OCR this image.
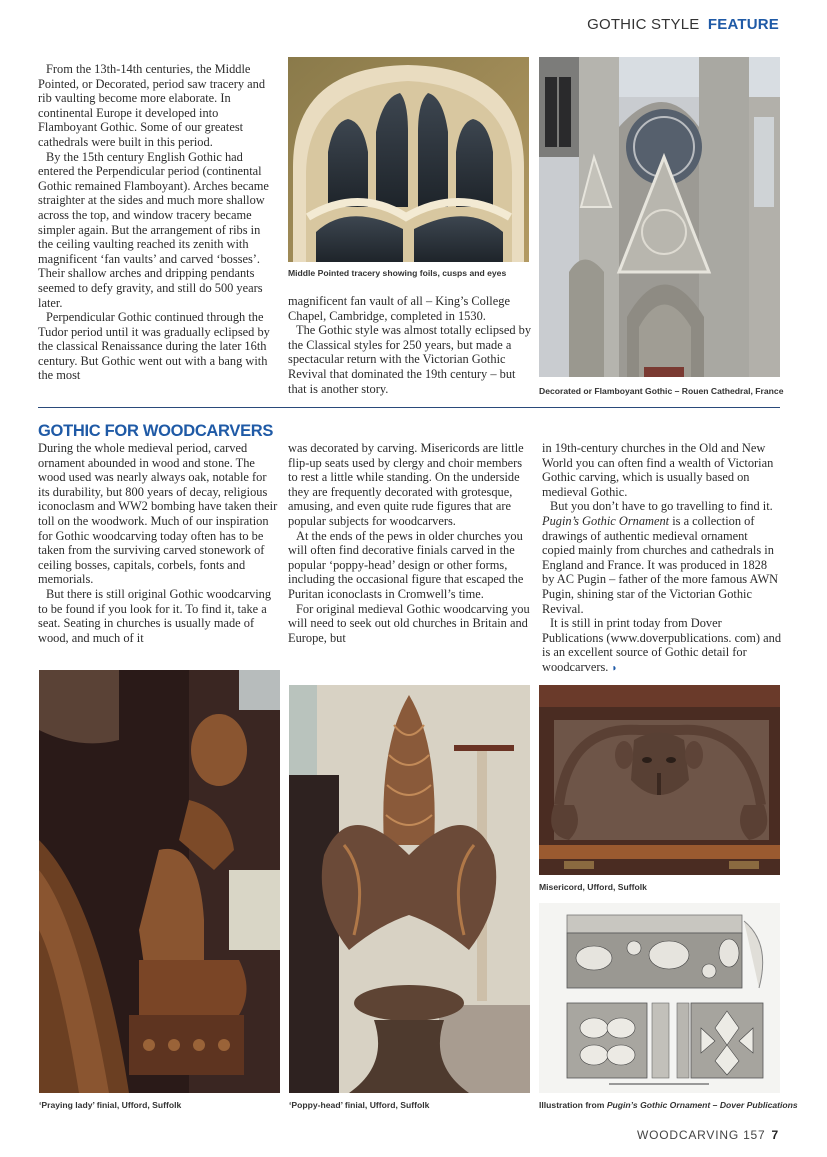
GOTHIC STYLE FEATURE

From the 13th-14th centuries, the Middle Pointed, or Decorated, period saw tracery and rib vaulting become more elaborate. In continental Europe it developed into Flamboyant Gothic. Some of our greatest cathedrals were built in this period.

By the 15th century English Gothic had entered the Perpendicular period (continental Gothic remained Flamboyant). Arches became straighter at the sides and much more shallow across the top, and window tracery became simpler again. But the arrangement of ribs in the ceiling vaulting reached its zenith with magnificent ‘fan vaults’ and carved ‘bosses’. Their shallow arches and dripping pendants seemed to defy gravity, and still do 500 years later.

Perpendicular Gothic continued through the Tudor period until it was gradually eclipsed by the classical Renaissance during the later 16th century. But Gothic went out with a bang with the most

Middle Pointed tracery showing foils, cusps and eyes

magnificent fan vault of all – King’s College Chapel, Cambridge, completed in 1530.

The Gothic style was almost totally eclipsed by the Classical styles for 250 years, but made a spectacular return with the Victorian Gothic Revival that dominated the 19th century – but that is another story.	Decorated or Flamboyant Gothic – Rouen Cathedral, France
GOTHIC FOR WOODCARVERS

During the whole medieval period, carved ornament abounded in wood and stone. The wood used was nearly always oak, notable for its durability, but 800 years of decay, religious iconoclasm and WW2 bombing have taken their toll on the woodwork. Much of our inspiration for Gothic woodcarving today often has to be taken from the surviving carved stonework of ceiling bosses, capitals, corbels, fonts and memorials.

But there is still original Gothic woodcarving to be found if you look for it. To find it, take a seat. Seating in churches is usually made of wood, and much of it

was decorated by carving. Misericords are little flip-up seats used by clergy and choir members to rest a little while standing. On the underside they are frequently decorated with grotesque, amusing, and even quite rude figures that are popular subjects for woodcarvers.

At the ends of the pews in older churches you will often find decorative finials carved in the popular ‘poppy-head’ design or other forms, including the occasional figure that escaped the Puritan iconoclasts in Cromwell’s time.

For original medieval Gothic woodcarving you will need to seek out old churches in Britain and Europe, but

in 19th-century churches in the Old and New World you can often find a wealth of Victorian Gothic carving, which is usually based on medieval Gothic.

But you don’t have to go travelling to find it. Pugin’s Gothic Ornament is a collection of drawings of authentic medieval ornament copied mainly from churches and cathedrals in England and France. It was produced in 1828 by AC Pugin – father of the more famous AWN Pugin, shining star of the Victorian Gothic Revival.

It is still in print today from Dover Publications (www.doverpublications. com) and is an excellent source of Gothic detail for woodcarvers. ◗

‘Praying lady’ finial, Ufford, Suffolk	‘Poppy-head’ finial, Ufford, Suffolk
Misericord, Ufford, Suffolk
Illustration from Pugin’s Gothic Ornament – Dover Publications
WOODCARVING 157 7
